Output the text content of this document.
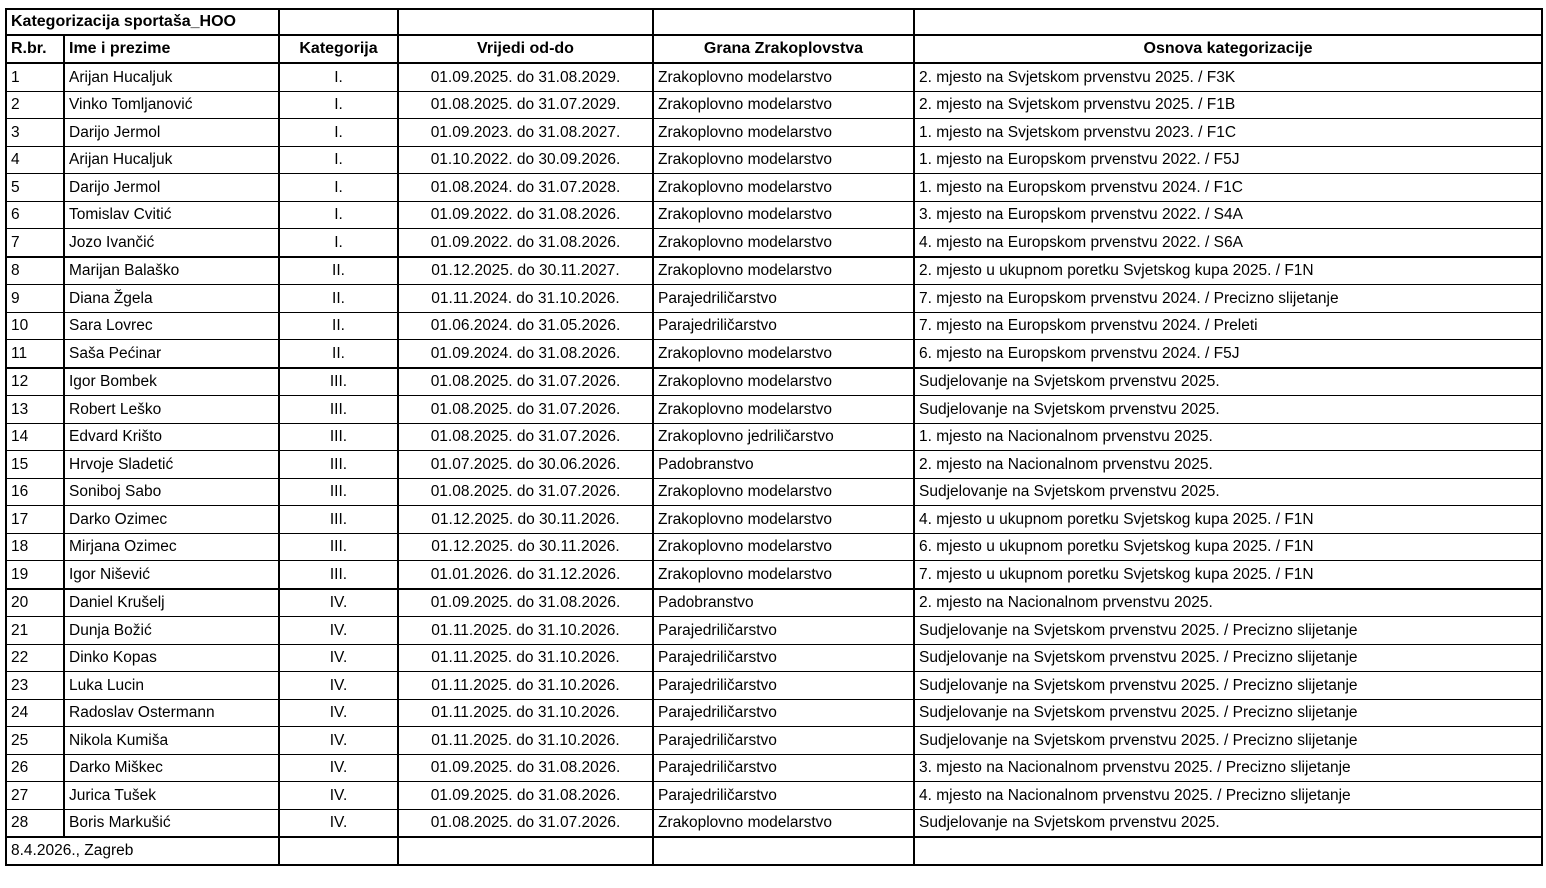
Kategorizacija sportaša_HOO					
R.br.	Ime i prezime	Kategorija	Vrijedi od-do	Grana Zrakoplovstva	Osnova kategorizacije
1	Arijan Hucaljuk	I.	01.09.2025. do 31.08.2029.	Zrakoplovno modelarstvo	2. mjesto na Svjetskom prvenstvu 2025. / F3K
2	Vinko Tomljanović	I.	01.08.2025. do 31.07.2029.	Zrakoplovno modelarstvo	2. mjesto na Svjetskom prvenstvu 2025. / F1B
3	Darijo Jermol	I.	01.09.2023. do 31.08.2027.	Zrakoplovno modelarstvo	1. mjesto na Svjetskom prvenstvu 2023. / F1C
4	Arijan Hucaljuk	I.	01.10.2022. do 30.09.2026.	Zrakoplovno modelarstvo	1. mjesto na Europskom prvenstvu 2022. / F5J
5	Darijo Jermol	I.	01.08.2024. do 31.07.2028.	Zrakoplovno modelarstvo	1. mjesto na Europskom prvenstvu 2024. / F1C
6	Tomislav Cvitić	I.	01.09.2022. do 31.08.2026.	Zrakoplovno modelarstvo	3. mjesto na Europskom prvenstvu 2022. / S4A
7	Jozo Ivančić	I.	01.09.2022. do 31.08.2026.	Zrakoplovno modelarstvo	4. mjesto na Europskom prvenstvu 2022. / S6A
8	Marijan Balaško	II.	01.12.2025. do 30.11.2027.	Zrakoplovno modelarstvo	2. mjesto u ukupnom poretku Svjetskog kupa 2025. / F1N
9	Diana Žgela	II.	01.11.2024. do 31.10.2026.	Parajedriličarstvo	7. mjesto na Europskom prvenstvu 2024. / Precizno slijetanje
10	Sara Lovrec	II.	01.06.2024. do 31.05.2026.	Parajedriličarstvo	7. mjesto na Europskom prvenstvu 2024. / Preleti
11	Saša Pećinar	II.	01.09.2024. do 31.08.2026.	Zrakoplovno modelarstvo	6. mjesto na Europskom prvenstvu 2024. / F5J
12	Igor Bombek	III.	01.08.2025. do 31.07.2026.	Zrakoplovno modelarstvo	Sudjelovanje na Svjetskom prvenstvu 2025.
13	Robert Leško	III.	01.08.2025. do 31.07.2026.	Zrakoplovno modelarstvo	Sudjelovanje na Svjetskom prvenstvu 2025.
14	Edvard Krišto	III.	01.08.2025. do 31.07.2026.	Zrakoplovno jedriličarstvo	1. mjesto na Nacionalnom prvenstvu 2025.
15	Hrvoje Sladetić	III.	01.07.2025. do 30.06.2026.	Padobranstvo	2. mjesto na Nacionalnom prvenstvu 2025.
16	Soniboj Sabo	III.	01.08.2025. do 31.07.2026.	Zrakoplovno modelarstvo	Sudjelovanje na Svjetskom prvenstvu 2025.
17	Darko Ozimec	III.	01.12.2025. do 30.11.2026.	Zrakoplovno modelarstvo	4. mjesto u ukupnom poretku Svjetskog kupa 2025. / F1N
18	Mirjana Ozimec	III.	01.12.2025. do 30.11.2026.	Zrakoplovno modelarstvo	6. mjesto u ukupnom poretku Svjetskog kupa 2025. / F1N
19	Igor Nišević	III.	01.01.2026. do 31.12.2026.	Zrakoplovno modelarstvo	7. mjesto u ukupnom poretku Svjetskog kupa 2025. / F1N
20	Daniel Krušelj	IV.	01.09.2025. do 31.08.2026.	Padobranstvo	2. mjesto na Nacionalnom prvenstvu 2025.
21	Dunja Božić	IV.	01.11.2025. do 31.10.2026.	Parajedriličarstvo	Sudjelovanje na Svjetskom prvenstvu 2025. / Precizno slijetanje
22	Dinko Kopas	IV.	01.11.2025. do 31.10.2026.	Parajedriličarstvo	Sudjelovanje na Svjetskom prvenstvu 2025. / Precizno slijetanje
23	Luka Lucin	IV.	01.11.2025. do 31.10.2026.	Parajedriličarstvo	Sudjelovanje na Svjetskom prvenstvu 2025. / Precizno slijetanje
24	Radoslav Ostermann	IV.	01.11.2025. do 31.10.2026.	Parajedriličarstvo	Sudjelovanje na Svjetskom prvenstvu 2025. / Precizno slijetanje
25	Nikola Kumiša	IV.	01.11.2025. do 31.10.2026.	Parajedriličarstvo	Sudjelovanje na Svjetskom prvenstvu 2025. / Precizno slijetanje
26	Darko Miškec	IV.	01.09.2025. do 31.08.2026.	Parajedriličarstvo	3. mjesto na Nacionalnom prvenstvu 2025. / Precizno slijetanje
27	Jurica Tušek	IV.	01.09.2025. do 31.08.2026.	Parajedriličarstvo	4. mjesto na Nacionalnom prvenstvu 2025. / Precizno slijetanje
28	Boris Markušić	IV.	01.08.2025. do 31.07.2026.	Zrakoplovno modelarstvo	Sudjelovanje na Svjetskom prvenstvu 2025.
8.4.2026., Zagreb					
